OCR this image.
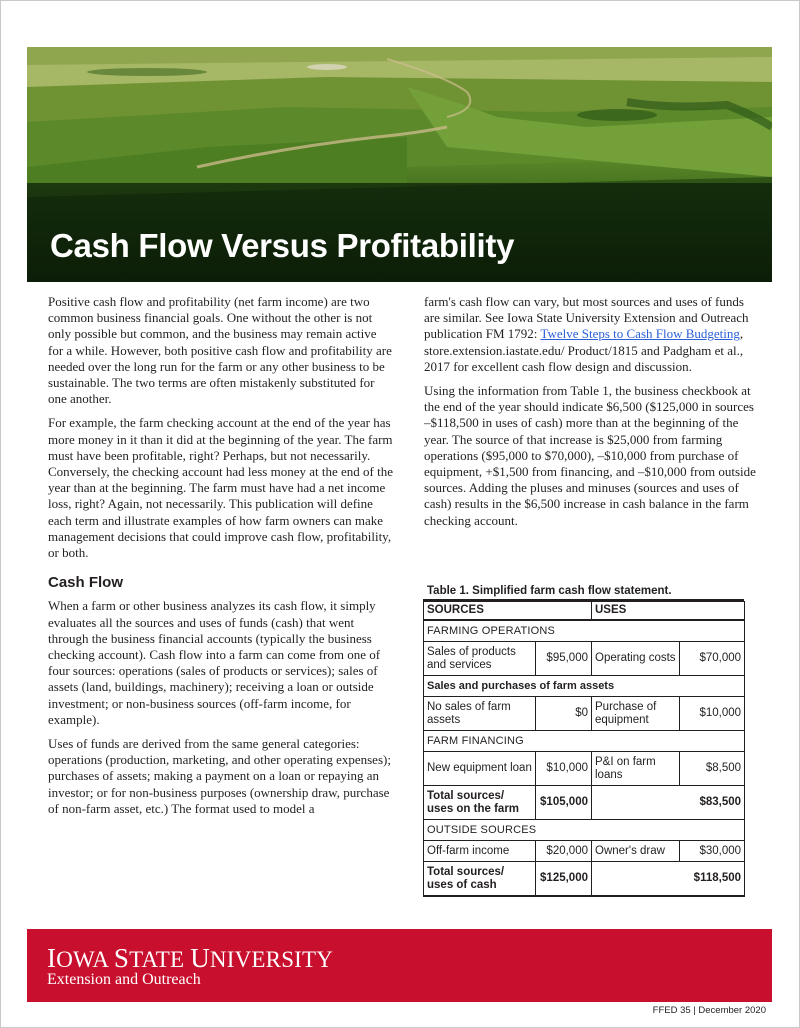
Cash Flow Versus Profitability

Positive cash flow and profitability (net farm income) are two common business financial goals. One without the other is not only possible but common, and the business may remain active for a while. However, both positive cash flow and profitability are needed over the long run for the farm or any other business to be sustainable. The two terms are often mistakenly substituted for one another.

For example, the farm checking account at the end of the year has more money in it than it did at the beginning of the year. The farm must have been profitable, right? Perhaps, but not necessarily. Conversely, the checking account had less money at the end of the year than at the beginning. The farm must have had a net income loss, right? Again, not necessarily. This publication will define each term and illustrate examples of how farm owners can make management decisions that could improve cash flow, profitability, or both.

Cash Flow

When a farm or other business analyzes its cash flow, it simply evaluates all the sources and uses of funds (cash) that went through the business financial accounts (typically the business checking account). Cash flow into a farm can come from one of four sources: operations (sales of products or services); sales of assets (land, buildings, machinery); receiving a loan or outside investment; or non-business sources (off-farm income, for example).

Uses of funds are derived from the same general categories: operations (production, marketing, and other operating expenses); purchases of assets; making a payment on a loan or repaying an investor; or for non-business purposes (ownership draw, purchase of non-farm asset, etc.) The format used to model a

farm's cash flow can vary, but most sources and uses of funds are similar. See Iowa State University Extension and Outreach publication FM 1792: Twelve Steps to Cash Flow Budgeting, store.extension.iastate.edu/ Product/1815 and Padgham et al., 2017 for excellent cash flow design and discussion.

Using the information from Table 1, the business checkbook at the end of the year should indicate $6,500 ($125,000 in sources –$118,500 in uses of cash) more than at the beginning of the year. The source of that increase is $25,000 from farming operations ($95,000 to $70,000), –$10,000 from purchase of equipment, +$1,500 from financing, and –$10,000 from outside sources. Adding the pluses and minuses (sources and uses of cash) results in the $6,500 increase in cash balance in the farm checking account.

Table 1. Simplified farm cash flow statement.
SOURCES		USES	
FARMING OPERATIONS			
Sales of products and services	$95,000	Operating costs	$70,000
Sales and purchases of farm assets			
No sales of farm assets	$0	Purchase of equipment	$10,000
FARM FINANCING			
New equipment loan	$10,000	P&I on farm loans	$8,500
Total sources/ uses on the farm	$105,000	$83,500	
OUTSIDE SOURCES			
Off-farm income	$20,000	Owner's draw	$30,000
Total sources/ uses of cash	$125,000	$118,500	

IOWA STATE UNIVERSITY

Extension and Outreach

FFED 35 | December 2020
